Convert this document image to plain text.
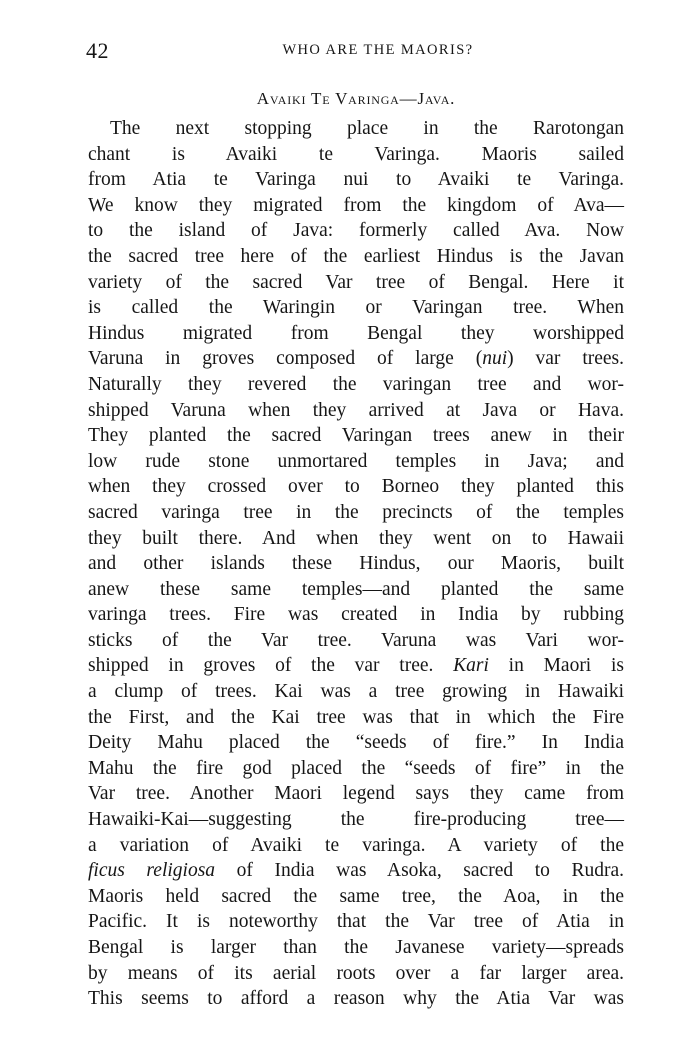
42	WHO ARE THE MAORIS?
Avaiki Te Varinga—Java.
The next stopping place in the Rarotongan
chant is Avaiki te Varinga. Maoris sailed
from Atia te Varinga nui to Avaiki te Varinga.
We know they migrated from the kingdom of Ava—
to the island of Java: formerly called Ava. Now
the sacred tree here of the earliest Hindus is the Javan
variety of the sacred Var tree of Bengal. Here it
is called the Waringin or Varingan tree. When
Hindus migrated from Bengal they worshipped
Varuna in groves composed of large (nui) var trees.
Naturally they revered the varingan tree and wor-
shipped Varuna when they arrived at Java or Hava.
They planted the sacred Varingan trees anew in their
low rude stone unmortared temples in Java; and
when they crossed over to Borneo they planted this
sacred varinga tree in the precincts of the temples
they built there. And when they went on to Hawaii
and other islands these Hindus, our Maoris, built
anew these same temples—and planted the same
varinga trees. Fire was created in India by rubbing
sticks of the Var tree. Varuna was Vari wor-
shipped in groves of the var tree. Kari in Maori is
a clump of trees. Kai was a tree growing in Hawaiki
the First, and the Kai tree was that in which the Fire
Deity Mahu placed the “seeds of fire.” In India
Mahu the fire god placed the “seeds of fire” in the
Var tree. Another Maori legend says they came from
Hawaiki-Kai—suggesting the fire-producing tree—
a variation of Avaiki te varinga. A variety of the
ficus religiosa of India was Asoka, sacred to Rudra.
Maoris held sacred the same tree, the Aoa, in the
Pacific. It is noteworthy that the Var tree of Atia in
Bengal is larger than the Javanese variety—spreads
by means of its aerial roots over a far larger area.
This seems to afford a reason why the Atia Var was
